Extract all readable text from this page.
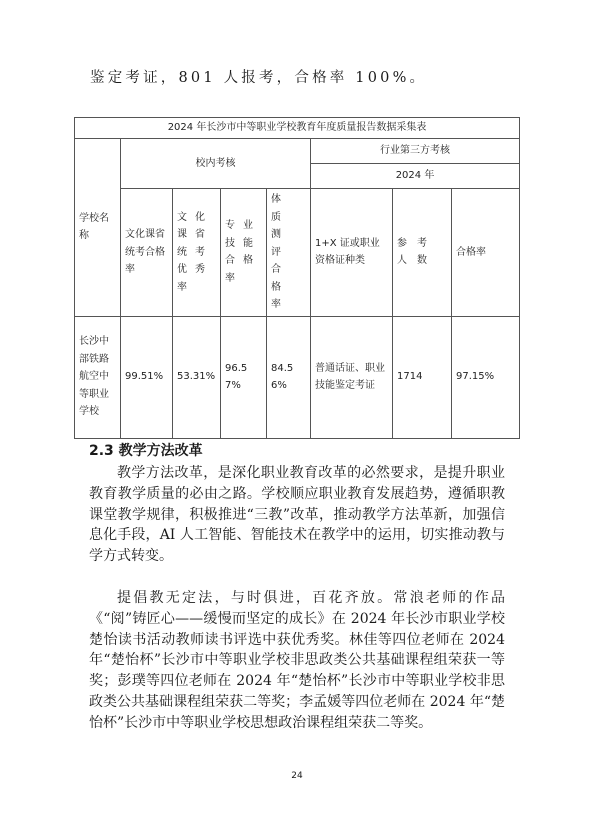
鉴定考证，801 人报考，合格率 100%。
2024 年长沙市中等职业学校教育年度质量报告数据采集表							
学校名称	校内考核				行业第三方考核		
					2024 年		
	文化课省统考合格率	文化课省统考优秀率	专业技能合格率	体质测评合格率	1+X 证或职业资格证种类	参考人数	合格率
长沙中部铁路航空中等职业学校	99.51%	53.31%	96.57%	84.56%	普通话证、职业技能鉴定考证	1714	97.15%
2.3 教学方法改革

教学方法改革，是深化职业教育改革的必然要求，是提升职业教育教学质量的必由之路。学校顺应职业教育发展趋势，遵循职教课堂教学规律，积极推进“三教”改革，推动教学方法革新，加强信息化手段，AI 人工智能、智能技术在教学中的运用，切实推动教与学方式转变。

提倡教无定法，与时俱进，百花齐放。常浪老师的作品《“阅”铸匠心——缓慢而坚定的成长》在 2024 年长沙市职业学校楚怡读书活动教师读书评选中获优秀奖。林佳等四位老师在 2024 年“楚怡杯”长沙市中等职业学校非思政类公共基础课程组荣获一等奖；彭璞等四位老师在 2024 年“楚怡杯”长沙市中等职业学校非思政类公共基础课程组荣获二等奖；李孟媛等四位老师在 2024 年“楚怡杯”长沙市中等职业学校思想政治课程组荣获二等奖。

24
